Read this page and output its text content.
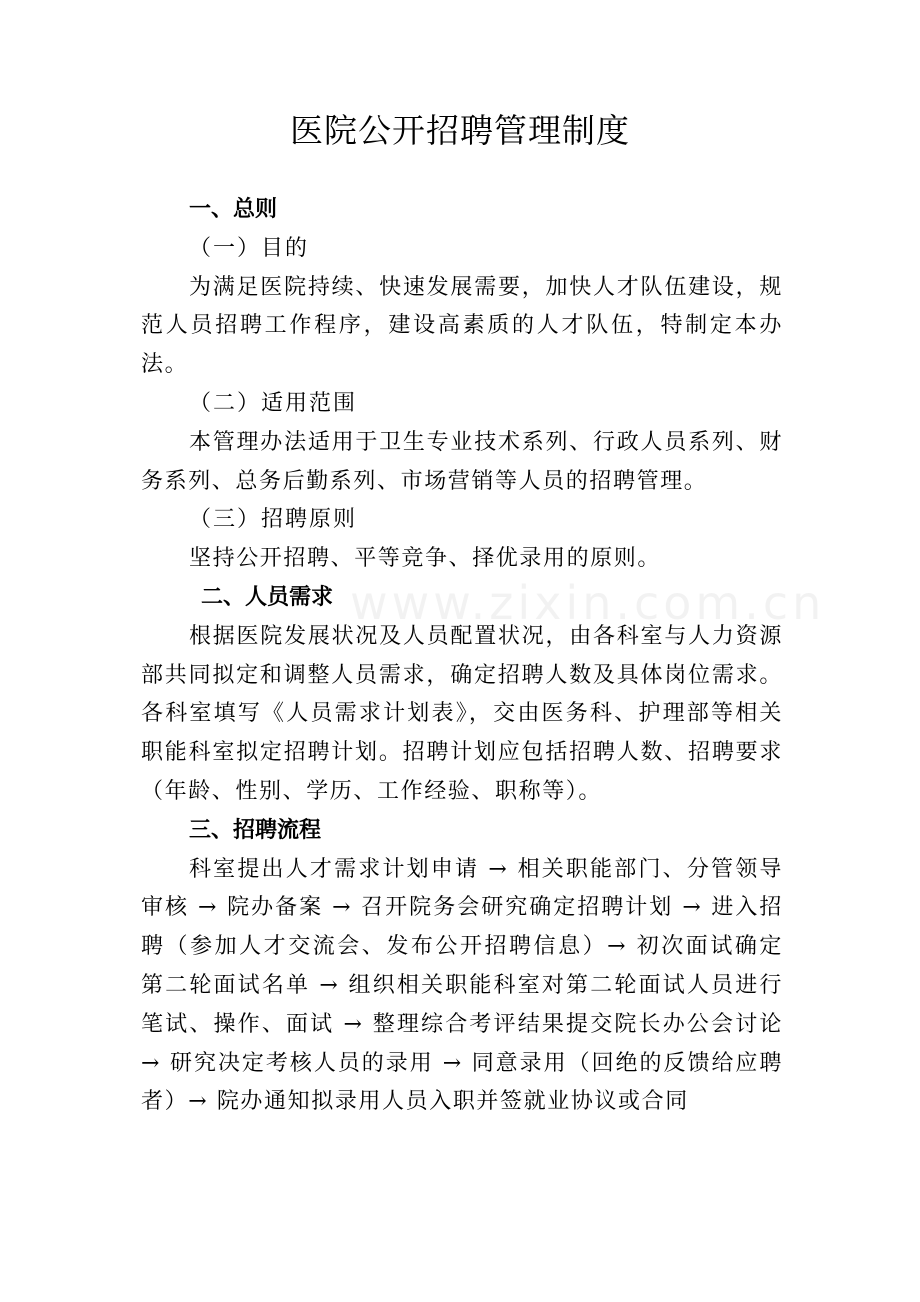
医院公开招聘管理制度
www.zixin.com.cn
一、总则
（一）目的

为满足医院持续、快速发展需要，加快人才队伍建设，规范人员招聘工作程序，建设高素质的人才队伍，特制定本办法。

（二）适用范围

本管理办法适用于卫生专业技术系列、行政人员系列、财务系列、总务后勤系列、市场营销等人员的招聘管理。

（三）招聘原则

坚持公开招聘、平等竞争、择优录用的原则。

二、人员需求

根据医院发展状况及人员配置状况，由各科室与人力资源部共同拟定和调整人员需求，确定招聘人数及具体岗位需求。各科室填写《人员需求计划表》，交由医务科、护理部等相关职能科室拟定招聘计划。招聘计划应包括招聘人数、招聘要求（年龄、性别、学历、工作经验、职称等）。

三、招聘流程

科室提出人才需求计划申请 → 相关职能部门、分管领导审核 → 院办备案 → 召开院务会研究确定招聘计划 → 进入招聘（参加人才交流会、发布公开招聘信息）→ 初次面试确定第二轮面试名单 → 组织相关职能科室对第二轮面试人员进行笔试、操作、面试 → 整理综合考评结果提交院长办公会讨论 → 研究决定考核人员的录用 → 同意录用（回绝的反馈给应聘者）→ 院办通知拟录用人员入职并签就业协议或合同
